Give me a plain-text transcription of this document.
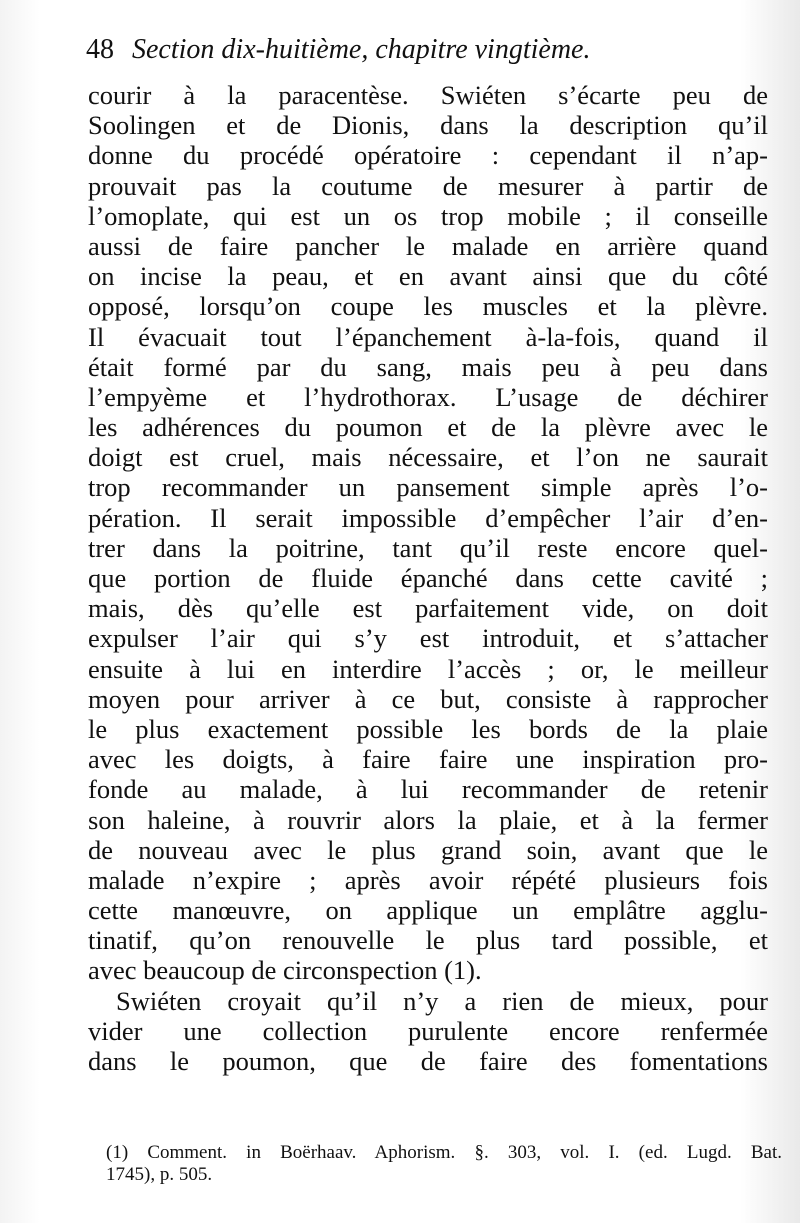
48 Section dix-huitième, chapitre vingtième.
courir à la paracentèse. Swiéten s’écarte peu de
Soolingen et de Dionis, dans la description qu’il
donne du procédé opératoire : cependant il n’ap-
prouvait pas la coutume de mesurer à partir de
l’omoplate, qui est un os trop mobile ; il conseille
aussi de faire pancher le malade en arrière quand
on incise la peau, et en avant ainsi que du côté
opposé, lorsqu’on coupe les muscles et la plèvre.
Il évacuait tout l’épanchement à-la-fois, quand il
était formé par du sang, mais peu à peu dans
l’empyème et l’hydrothorax. L’usage de déchirer
les adhérences du poumon et de la plèvre avec le
doigt est cruel, mais nécessaire, et l’on ne saurait
trop recommander un pansement simple après l’o-
pération. Il serait impossible d’empêcher l’air d’en-
trer dans la poitrine, tant qu’il reste encore quel-
que portion de fluide épanché dans cette cavité ;
mais, dès qu’elle est parfaitement vide, on doit
expulser l’air qui s’y est introduit, et s’attacher
ensuite à lui en interdire l’accès ; or, le meilleur
moyen pour arriver à ce but, consiste à rapprocher
le plus exactement possible les bords de la plaie
avec les doigts, à faire faire une inspiration pro-
fonde au malade, à lui recommander de retenir
son haleine, à rouvrir alors la plaie, et à la fermer
de nouveau avec le plus grand soin, avant que le
malade n’expire ; après avoir répété plusieurs fois
cette manœuvre, on applique un emplâtre agglu-
tinatif, qu’on renouvelle le plus tard possible, et
avec beaucoup de circonspection (1).
Swiéten croyait qu’il n’y a rien de mieux, pour
vider une collection purulente encore renfermée
dans le poumon, que de faire des fomentations
(1) Comment. in Boërhaav. Aphorism. §. 303, vol. I. (ed. Lugd. Bat.
1745), p. 505.
